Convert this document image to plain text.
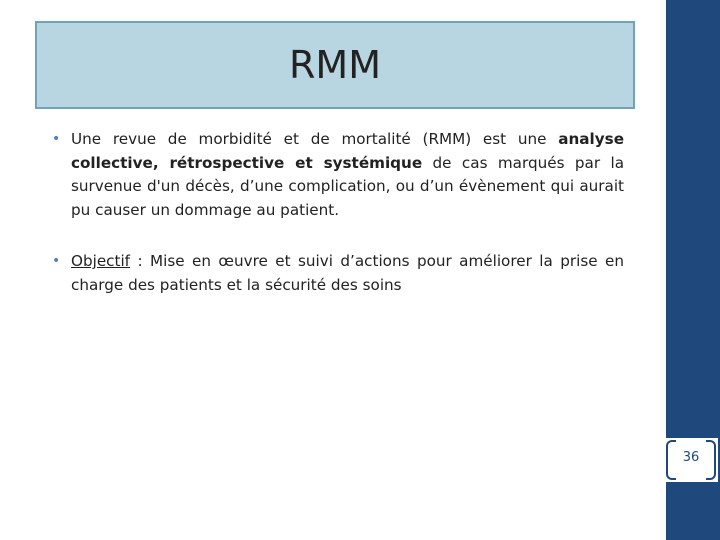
RMM
• Une revue de morbidité et de mortalité (RMM) est une analyse collective, rétrospective et systémique de cas marqués par la survenue d'un décès, d’une complication, ou d’un évènement qui aurait pu causer un dommage au patient.
• Objectif : Mise en œuvre et suivi d’actions pour améliorer la prise en charge des patients et la sécurité des soins
36
